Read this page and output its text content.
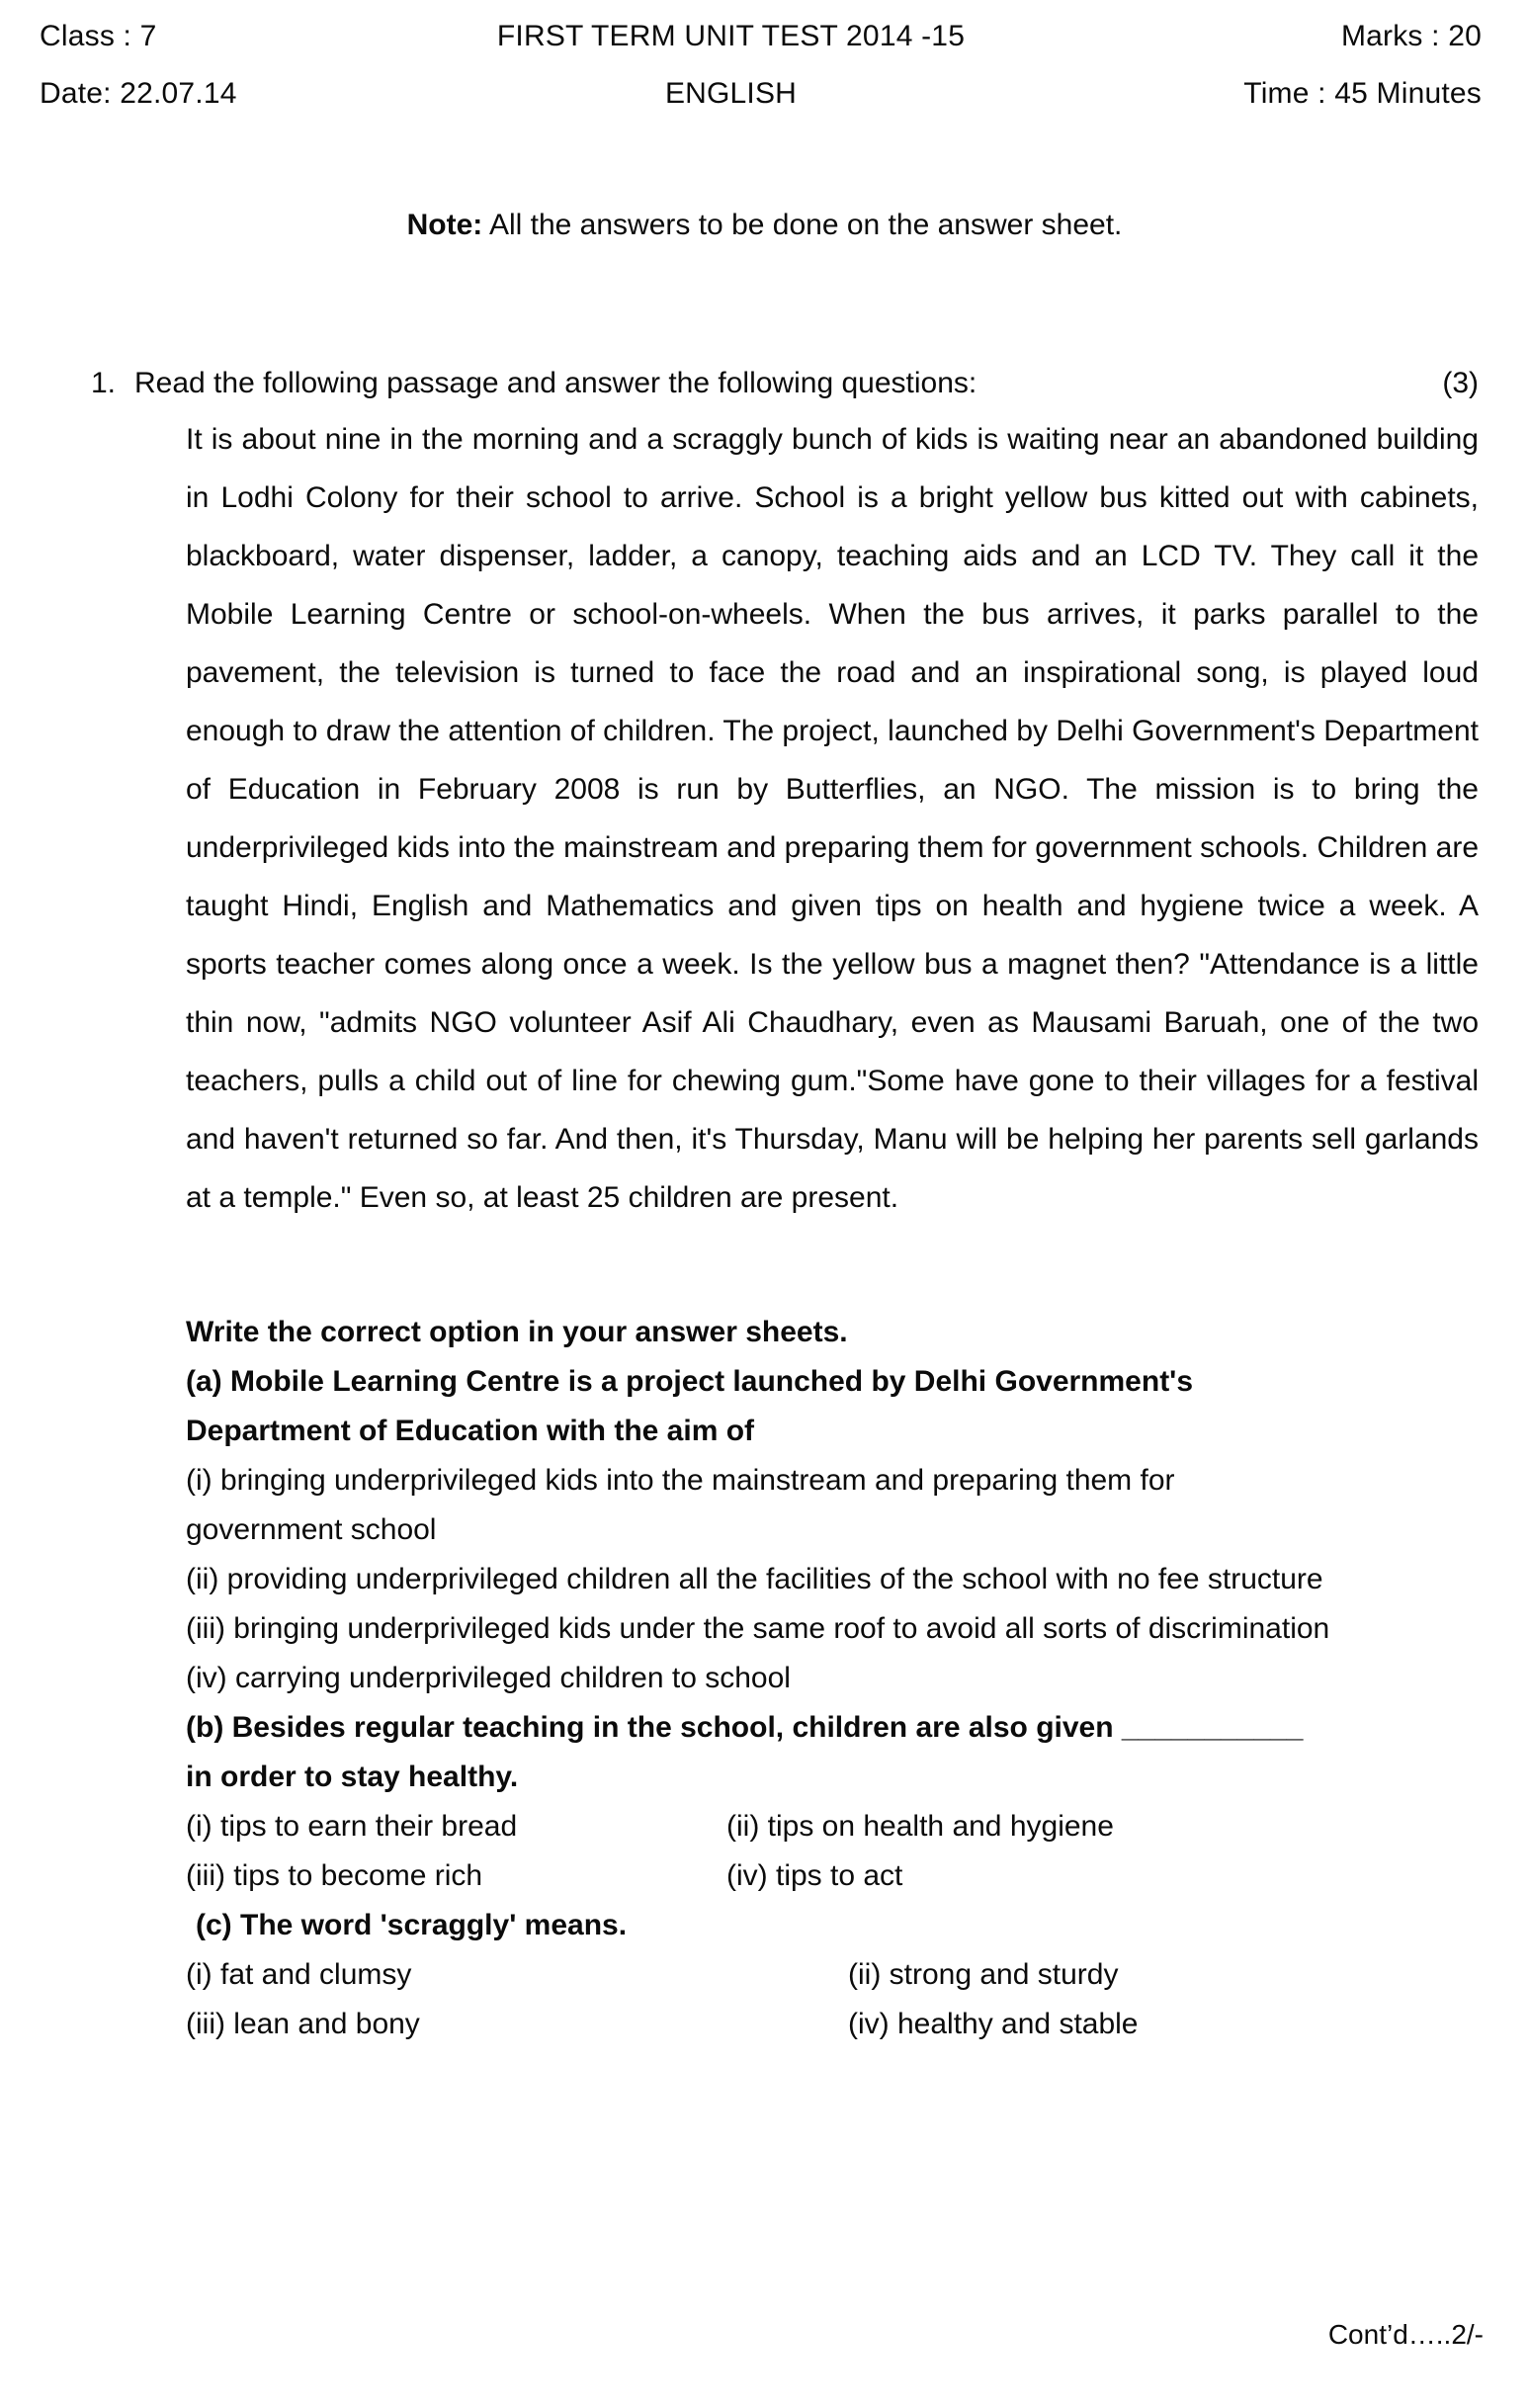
Class : 7	FIRST TERM UNIT TEST 2014 -15	Marks : 20
Date: 22.07.14	ENGLISH	Time : 45 Minutes
Note: All the answers to be done on the answer sheet.
1. Read the following passage and answer the following questions:	(3)

It is about nine in the morning and a scraggly bunch of kids is waiting near an abandoned building in Lodhi Colony for their school to arrive. School is a bright yellow bus kitted out with cabinets, blackboard, water dispenser, ladder, a canopy, teaching aids and an LCD TV. They call it the Mobile Learning Centre or school-on-wheels. When the bus arrives, it parks parallel to the pavement, the television is turned to face the road and an inspirational song, is played loud enough to draw the attention of children. The project, launched by Delhi Government's Department of Education in February 2008 is run by Butterflies, an NGO. The mission is to bring the underprivileged kids into the mainstream and preparing them for government schools. Children are taught Hindi, English and Mathematics and given tips on health and hygiene twice a week. A sports teacher comes along once a week. Is the yellow bus a magnet then? "Attendance is a little thin now, "admits NGO volunteer Asif Ali Chaudhary, even as Mausami Baruah, one of the two teachers, pulls a child out of line for chewing gum."Some have gone to their villages for a festival and haven't returned so far. And then, it's Thursday, Manu will be helping her parents sell garlands at a temple." Even so, at least 25 children are present.

Write the correct option in your answer sheets.
(a) Mobile Learning Centre is a project launched by Delhi Government's
Department of Education with the aim of
(i) bringing underprivileged kids into the mainstream and preparing them for
government school
(ii) providing underprivileged children all the facilities of the school with no fee structure
(iii) bringing underprivileged kids under the same roof to avoid all sorts of discrimination
(iv) carrying underprivileged children to school
(b) Besides regular teaching in the school, children are also given ___________
in order to stay healthy.
(i) tips to earn their bread	(ii) tips on health and hygiene
(iii) tips to become rich	(iv) tips to act
(c) The word 'scraggly' means.
(i) fat and clumsy	(ii) strong and sturdy
(iii) lean and bony	(iv) healthy and stable
Cont’d…..2/-
